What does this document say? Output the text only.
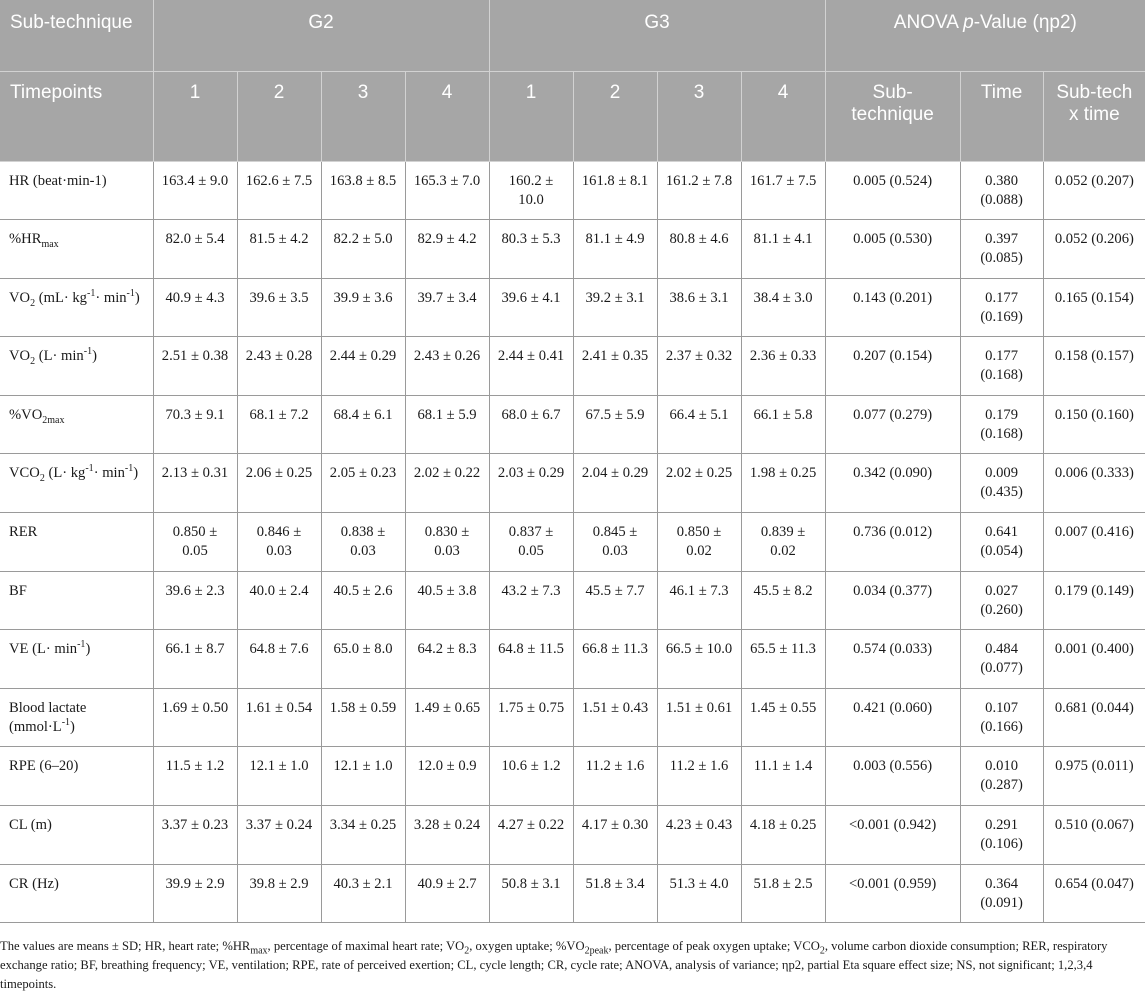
Sub-technique	G2				G3				ANOVA p-Value (ηp2)		
Timepoints	1	2	3	4	1	2	3	4	Sub-technique	Time	Sub-tech x time
HR (beat·min-1)	163.4 ± 9.0	162.6 ± 7.5	163.8 ± 8.5	165.3 ± 7.0	160.2 ± 10.0	161.8 ± 8.1	161.2 ± 7.8	161.7 ± 7.5	0.005 (0.524)	0.380 (0.088)	0.052 (0.207)
$\%HR_{max}$	82.0 ± 5.4	81.5 ± 4.2	82.2 ± 5.0	82.9 ± 4.2	80.3 ± 5.3	81.1 ± 4.9	80.8 ± 4.6	81.1 ± 4.1	0.005 (0.530)	0.397 (0.085)	0.052 (0.206)
$VO_2$ $(mL\cdot kg^{-1}\cdot \min^{-1})$	40.9 ± 4.3	39.6 ± 3.5	39.9 ± 3.6	39.7 ± 3.4	39.6 ± 4.1	39.2 ± 3.1	38.6 ± 3.1	38.4 ± 3.0	0.143 (0.201)	0.177 (0.169)	0.165 (0.154)
$VO_2$ $(L\cdot \min^{-1})$	2.51 ± 0.38	2.43 ± 0.28	2.44 ± 0.29	2.43 ± 0.26	2.44 ± 0.41	2.41 ± 0.35	2.37 ± 0.32	2.36 ± 0.33	0.207 (0.154)	0.177 (0.168)	0.158 (0.157)
$\%VO_{2max}$	70.3 ± 9.1	68.1 ± 7.2	68.4 ± 6.1	68.1 ± 5.9	68.0 ± 6.7	67.5 ± 5.9	66.4 ± 5.1	66.1 ± 5.8	0.077 (0.279)	0.179 (0.168)	0.150 (0.160)
$VCO_2$ $(L\cdot kg^{-1}\cdot \min^{-1})$	2.13 ± 0.31	2.06 ± 0.25	2.05 ± 0.23	2.02 ± 0.22	2.03 ± 0.29	2.04 ± 0.29	2.02 ± 0.25	1.98 ± 0.25	0.342 (0.090)	0.009 (0.435)	0.006 (0.333)
RER	0.850 ± 0.05	0.846 ± 0.03	0.838 ± 0.03	0.830 ± 0.03	0.837 ± 0.05	0.845 ± 0.03	0.850 ± 0.02	0.839 ± 0.02	0.736 (0.012)	0.641 (0.054)	0.007 (0.416)
BF	39.6 ± 2.3	40.0 ± 2.4	40.5 ± 2.6	40.5 ± 3.8	43.2 ± 7.3	45.5 ± 7.7	46.1 ± 7.3	45.5 ± 8.2	0.034 (0.377)	0.027 (0.260)	0.179 (0.149)
VE $(L\cdot \min^{-1})$	66.1 ± 8.7	64.8 ± 7.6	65.0 ± 8.0	64.2 ± 8.3	64.8 ± 11.5	66.8 ± 11.3	66.5 ± 10.0	65.5 ± 11.3	0.574 (0.033)	0.484 (0.077)	0.001 (0.400)
Blood lactate $(mmol\cdot L^{-1})$	1.69 ± 0.50	1.61 ± 0.54	1.58 ± 0.59	1.49 ± 0.65	1.75 ± 0.75	1.51 ± 0.43	1.51 ± 0.61	1.45 ± 0.55	0.421 (0.060)	0.107 (0.166)	0.681 (0.044)
RPE (6–20)	11.5 ± 1.2	12.1 ± 1.0	12.1 ± 1.0	12.0 ± 0.9	10.6 ± 1.2	11.2 ± 1.6	11.2 ± 1.6	11.1 ± 1.4	0.003 (0.556)	0.010 (0.287)	0.975 (0.011)
CL (m)	3.37 ± 0.23	3.37 ± 0.24	3.34 ± 0.25	3.28 ± 0.24	4.27 ± 0.22	4.17 ± 0.30	4.23 ± 0.43	4.18 ± 0.25	<0.001 (0.942)	0.291 (0.106)	0.510 (0.067)
CR (Hz)	39.9 ± 2.9	39.8 ± 2.9	40.3 ± 2.1	40.9 ± 2.7	50.8 ± 3.1	51.8 ± 3.4	51.3 ± 4.0	51.8 ± 2.5	<0.001 (0.959)	0.364 (0.091)	0.654 (0.047)
The values are means ± SD; HR, heart rate; $\%HR_{max}$, percentage of maximal heart rate; $VO_2$, oxygen uptake; $\%VO_{2peak}$, percentage of peak oxygen uptake; $VCO_2$, volume carbon dioxide consumption; RER, respiratory exchange ratio; BF, breathing frequency; VE, ventilation; RPE, rate of perceived exertion; CL, cycle length; CR, cycle rate; ANOVA, analysis of variance; ηp2, partial Eta square effect size; NS, not significant; 1,2,3,4 timepoints.
